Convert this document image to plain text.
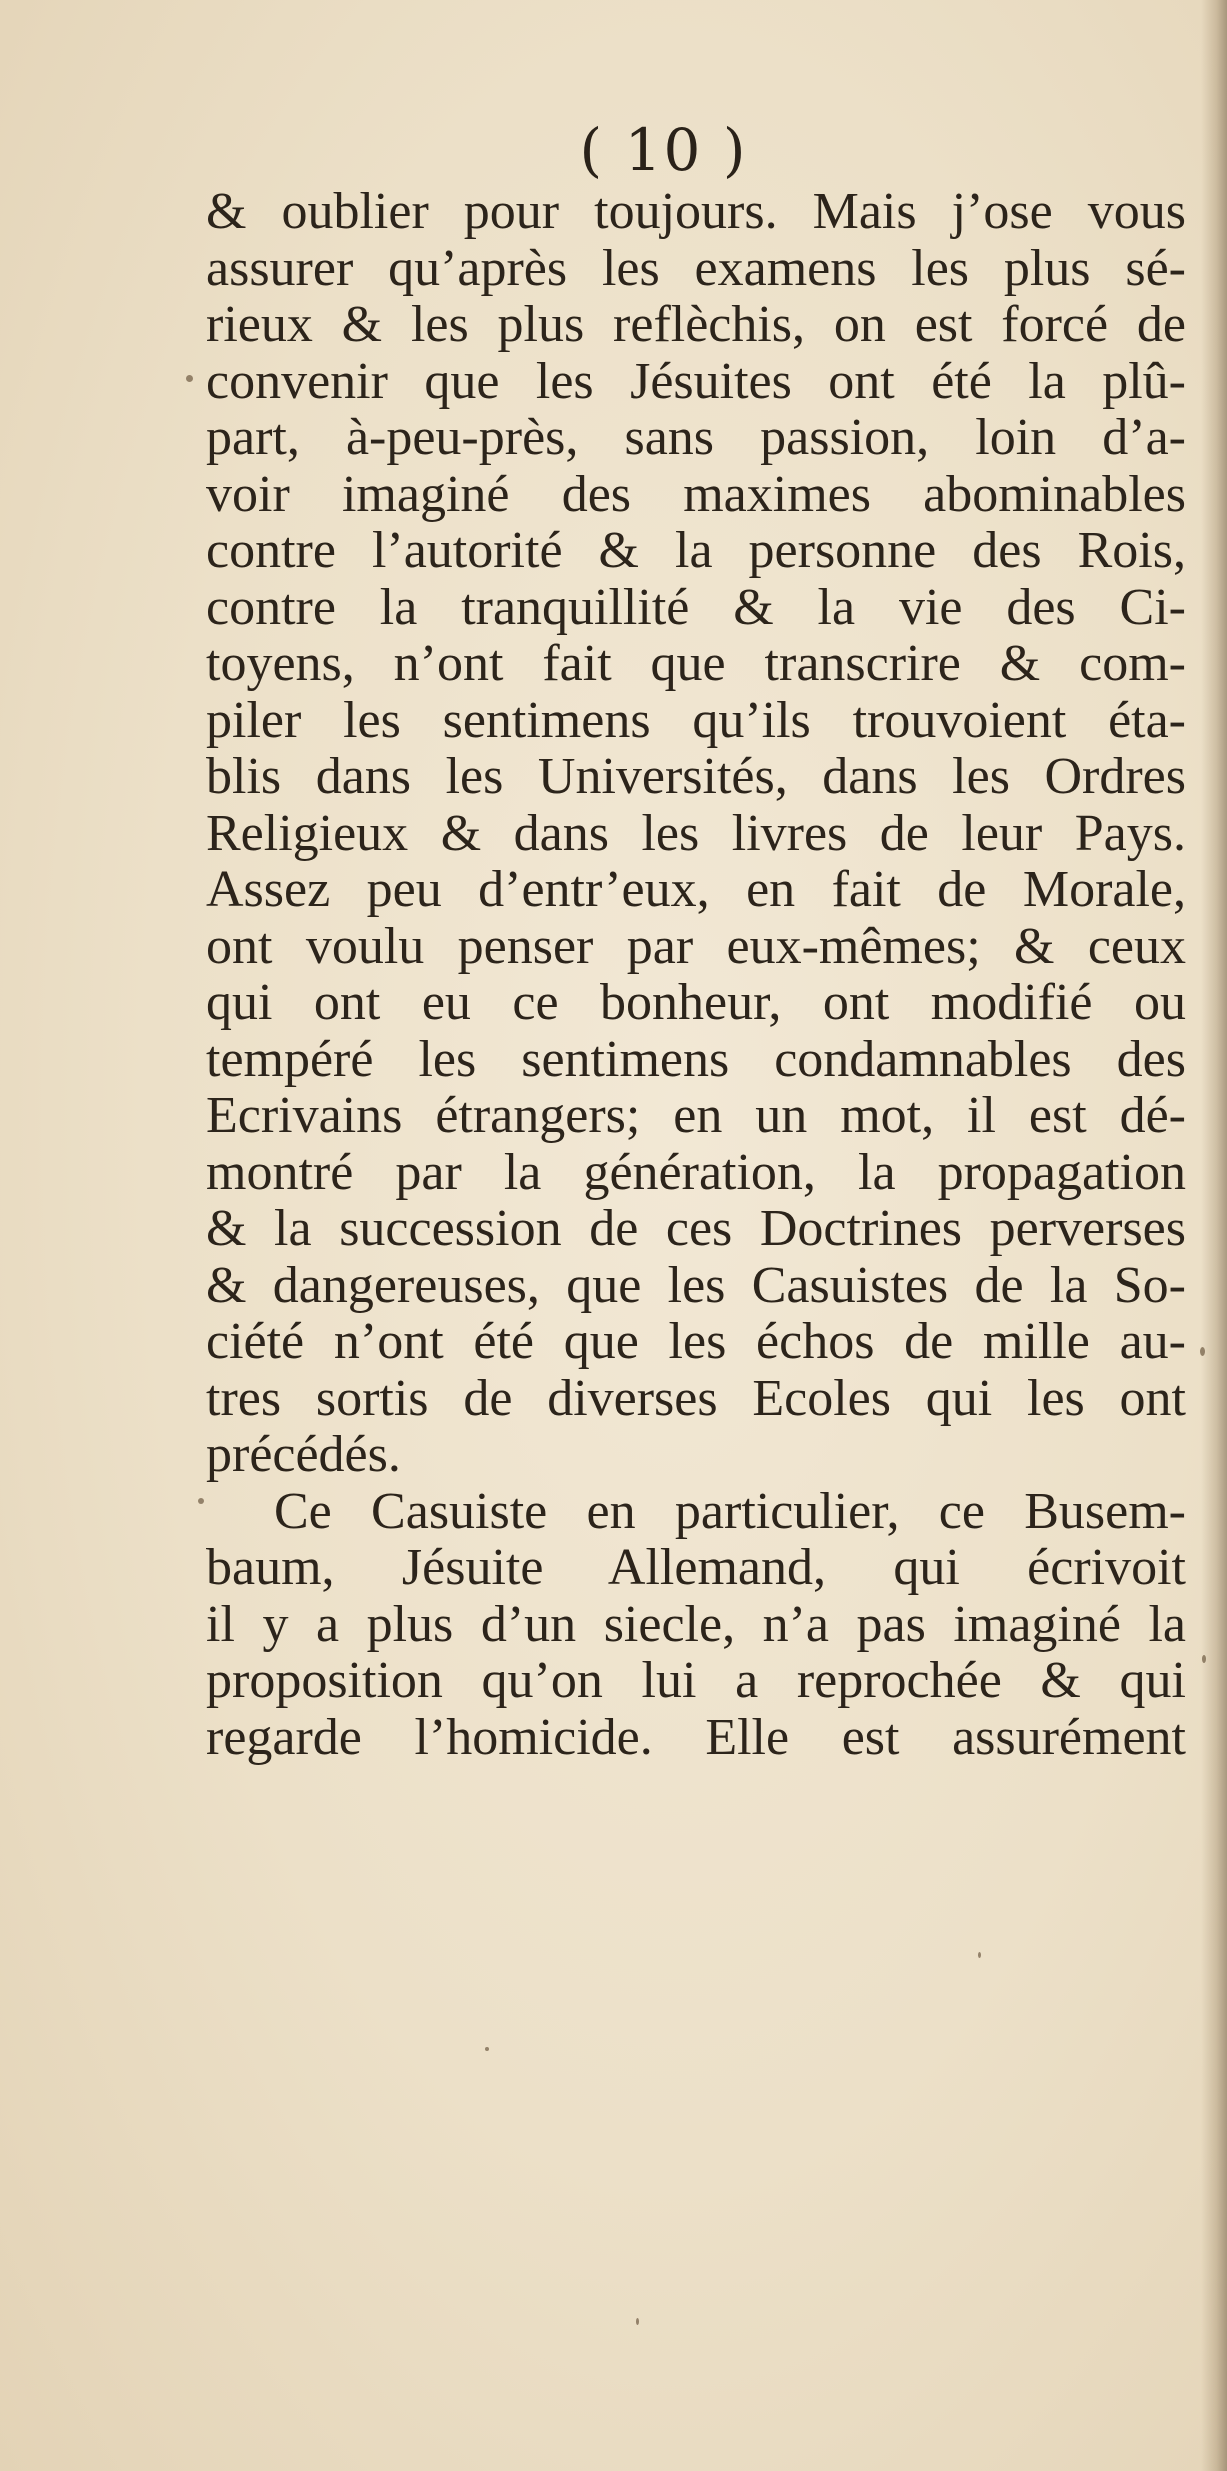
( 10 )
& oublier pour toujours. Mais j’ose vous
assurer qu’après les examens les plus sé-
rieux & les plus reflèchis, on est forcé de
convenir que les Jésuites ont été la plû-
part, à-peu-près, sans passion, loin d’a-
voir imaginé des maximes abominables
contre l’autorité & la personne des Rois,
contre la tranquillité & la vie des Ci-
toyens, n’ont fait que transcrire & com-
piler les sentimens qu’ils trouvoient éta-
blis dans les Universités, dans les Ordres
Religieux & dans les livres de leur Pays.
Assez peu d’entr’eux, en fait de Morale,
ont voulu penser par eux-mêmes; & ceux
qui ont eu ce bonheur, ont modifié ou
tempéré les sentimens condamnables des
Ecrivains étrangers; en un mot, il est dé-
montré par la génération, la propagation
& la succession de ces Doctrines perverses
& dangereuses, que les Casuistes de la So-
ciété n’ont été que les échos de mille au-
tres sortis de diverses Ecoles qui les ont
précédés.
Ce Casuiste en particulier, ce Busem-
baum, Jésuite Allemand, qui écrivoit
il y a plus d’un siecle, n’a pas imaginé la
proposition qu’on lui a reprochée & qui
regarde l’homicide. Elle est assurément
